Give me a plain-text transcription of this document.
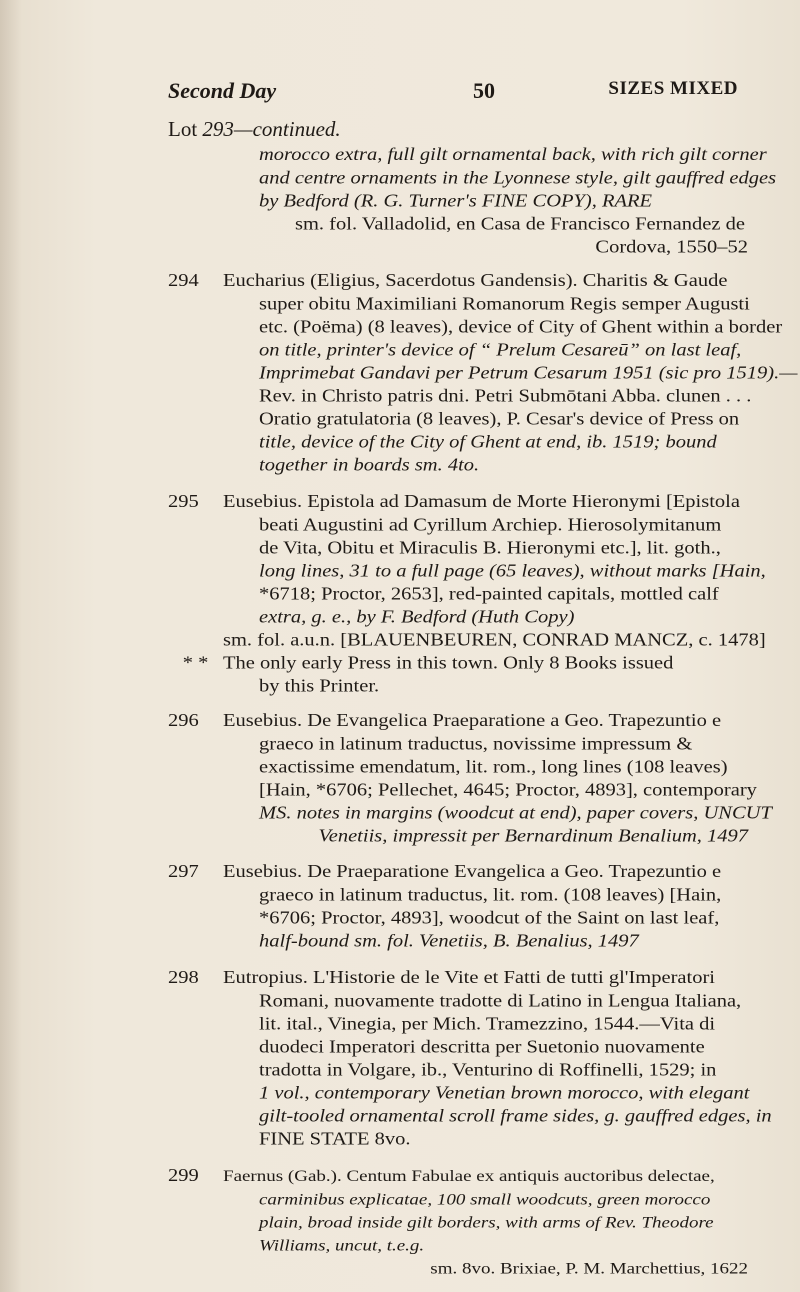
Second Day	50	SIZES MIXED
Lot 293—continued.
morocco extra, full gilt ornamental back, with rich gilt corner
and centre ornaments in the Lyonnese style, gilt gauffred edges
by Bedford (R. G. Turner's FINE COPY), RARE
sm. fol. Valladolid, en Casa de Francisco Fernandez de
Cordova, 1550–52
294	Eucharius (Eligius, Sacerdotus Gandensis). Charitis & Gaude
super obitu Maximiliani Romanorum Regis semper Augusti
etc. (Poëma) (8 leaves), device of City of Ghent within a border
on title, printer's device of “ Prelum Cesareū” on last leaf,
Imprimebat Gandavi per Petrum Cesarum 1951 (sic pro 1519).—
Rev. in Christo patris dni. Petri Submōtani Abba. clunen . . .
Oratio gratulatoria (8 leaves), P. Cesar's device of Press on
title, device of the City of Ghent at end, ib. 1519; bound
together in boards sm. 4to.
295	Eusebius. Epistola ad Damasum de Morte Hieronymi [Epistola
beati Augustini ad Cyrillum Archiep. Hierosolymitanum
de Vita, Obitu et Miraculis B. Hieronymi etc.], lit. goth.,
long lines, 31 to a full page (65 leaves), without marks [Hain,
*6718; Proctor, 2653], red-painted capitals, mottled calf
extra, g. e., by F. Bedford (Huth Copy)
sm. fol. a.u.n. [BLAUENBEUREN, CONRAD MANCZ, c. 1478]
* * The only early Press in this town. Only 8 Books issued
by this Printer.
296	Eusebius. De Evangelica Praeparatione a Geo. Trapezuntio e
graeco in latinum traductus, novissime impressum &
exactissime emendatum, lit. rom., long lines (108 leaves)
[Hain, *6706; Pellechet, 4645; Proctor, 4893], contemporary
MS. notes in margins (woodcut at end), paper covers, UNCUT
Venetiis, impressit per Bernardinum Benalium, 1497
297	Eusebius. De Praeparatione Evangelica a Geo. Trapezuntio e
graeco in latinum traductus, lit. rom. (108 leaves) [Hain,
*6706; Proctor, 4893], woodcut of the Saint on last leaf,
half-bound sm. fol. Venetiis, B. Benalius, 1497
298	Eutropius. L'Historie de le Vite et Fatti de tutti gl'Imperatori
Romani, nuovamente tradotte di Latino in Lengua Italiana,
lit. ital., Vinegia, per Mich. Tramezzino, 1544.—Vita di
duodeci Imperatori descritta per Suetonio nuovamente
tradotta in Volgare, ib., Venturino di Roffinelli, 1529; in
1 vol., contemporary Venetian brown morocco, with elegant
gilt-tooled ornamental scroll frame sides, g. gauffred edges, in
FINE STATE 8vo.
299	Faernus (Gab.). Centum Fabulae ex antiquis auctoribus delectae,
carminibus explicatae, 100 small woodcuts, green morocco
plain, broad inside gilt borders, with arms of Rev. Theodore
Williams, uncut, t.e.g.
sm. 8vo. Brixiae, P. M. Marchettius, 1622
